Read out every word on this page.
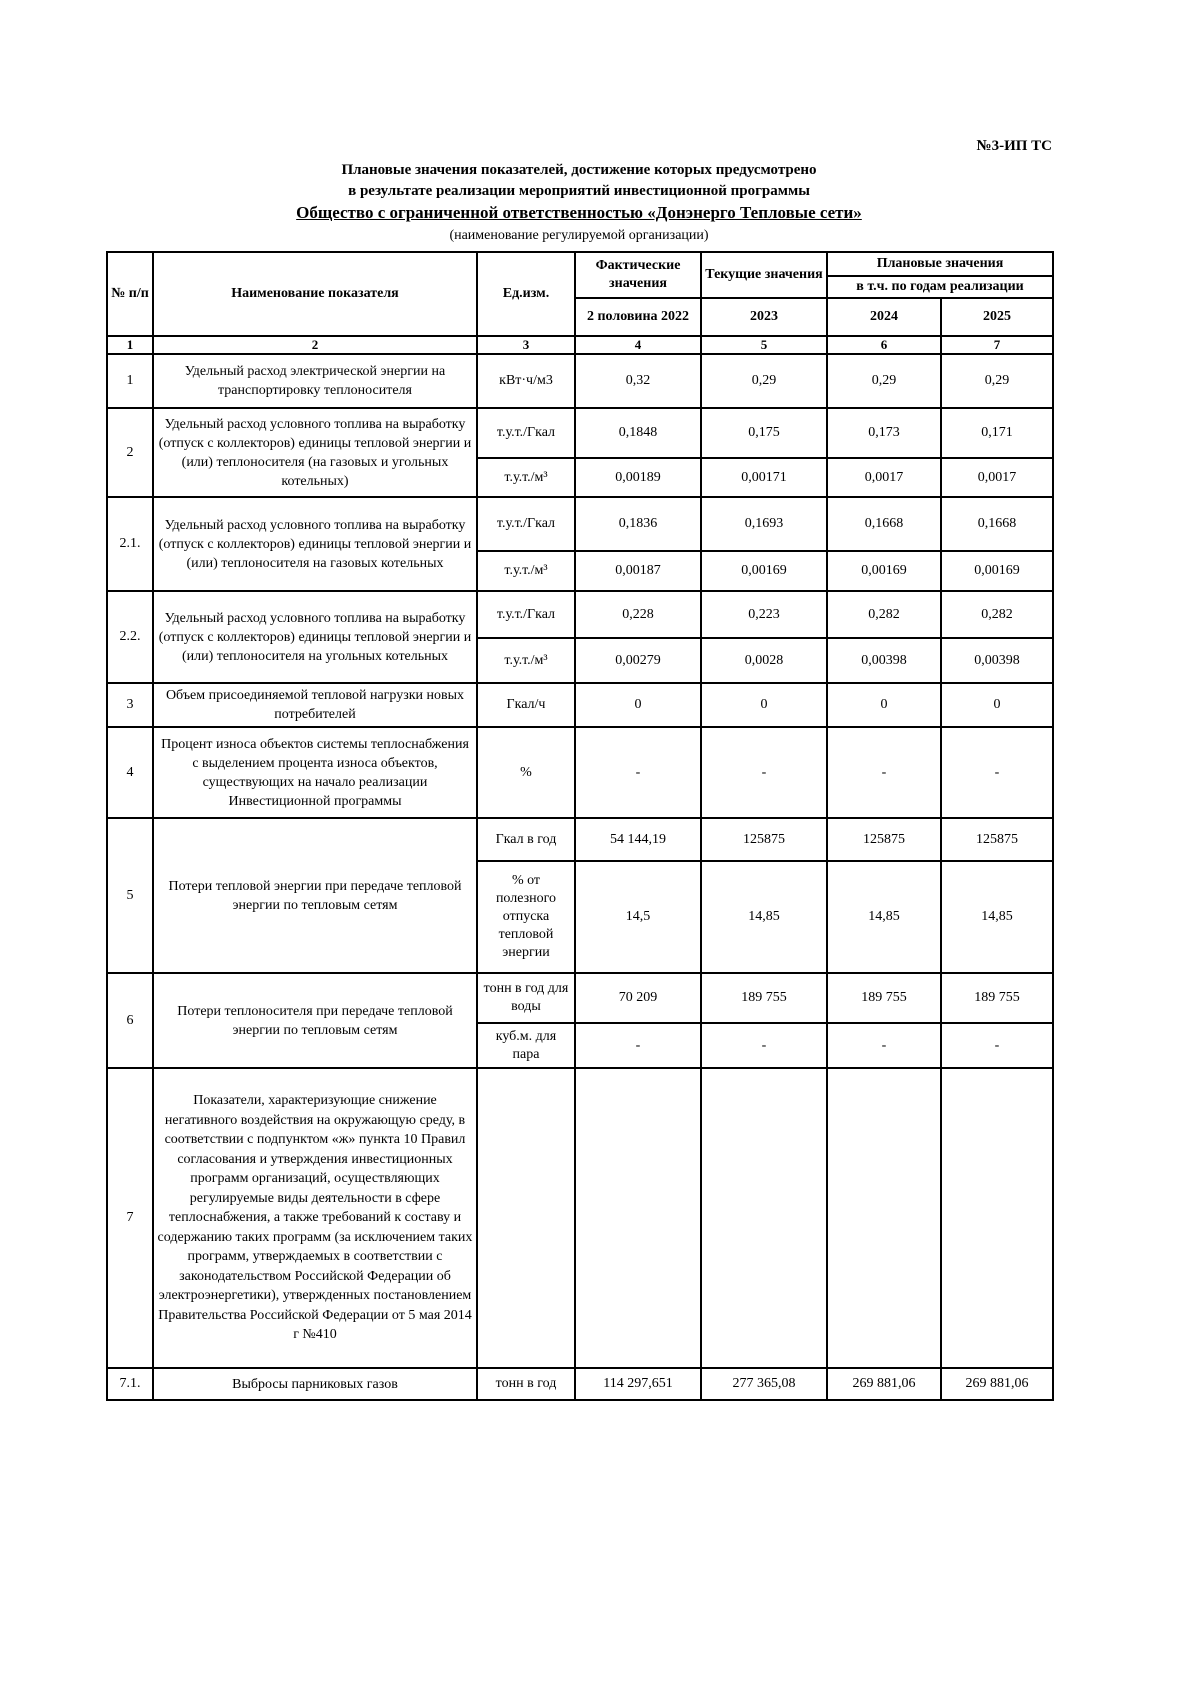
№3-ИП ТС
Плановые значения показателей, достижение которых предусмотрено
в результате реализации мероприятий инвестиционной программы
Общество с ограниченной ответственностью «Донэнерго Тепловые сети»
(наименование регулируемой организации)
№ п/п	Наименование показателя	Ед.изм.	Фактические значения	Текущие значения	Плановые значения	
					в т.ч. по годам реализации	
			2 половина 2022	2023	2024	2025
1	2	3	4	5	6	7
1	Удельный расход электрической энергии на транспортировку теплоносителя	кВт·ч/м3	0,32	0,29	0,29	0,29
2	Удельный расход условного топлива на выработку (отпуск с коллекторов) единицы тепловой энергии и (или) теплоносителя (на газовых и угольных котельных)	т.у.т./Гкал	0,1848	0,175	0,173	0,171
		т.у.т./м³	0,00189	0,00171	0,0017	0,0017
2.1.	Удельный расход условного топлива на выработку (отпуск с коллекторов) единицы тепловой энергии и (или) теплоносителя на газовых котельных	т.у.т./Гкал	0,1836	0,1693	0,1668	0,1668
		т.у.т./м³	0,00187	0,00169	0,00169	0,00169
2.2.	Удельный расход условного топлива на выработку (отпуск с коллекторов) единицы тепловой энергии и (или) теплоносителя на угольных котельных	т.у.т./Гкал	0,228	0,223	0,282	0,282
		т.у.т./м³	0,00279	0,0028	0,00398	0,00398
3	Объем присоединяемой тепловой нагрузки новых потребителей	Гкал/ч	0	0	0	0
4	Процент износа объектов системы теплоснабжения с выделением процента износа объектов, существующих на начало реализации Инвестиционной программы	%	-	-	-	-
5	Потери тепловой энергии при передаче тепловой энергии по тепловым сетям	Гкал в год	54 144,19	125875	125875	125875
		% от полезного отпуска тепловой энергии	14,5	14,85	14,85	14,85
6	Потери теплоносителя при передаче тепловой энергии по тепловым сетям	тонн в год для воды	70 209	189 755	189 755	189 755
		куб.м. для пара	-	-	-	-
7	Показатели, характеризующие снижение негативного воздействия на окружающую среду, в соответствии с подпунктом «ж» пункта 10 Правил согласования и утверждения инвестиционных программ организаций, осуществляющих регулируемые виды деятельности в сфере теплоснабжения, а также требований к составу и содержанию таких программ (за исключением таких программ, утверждаемых в соответствии с законодательством Российской Федерации об электроэнергетики), утвержденных постановлением Правительства Российской Федерации от 5 мая 2014 г №410					
7.1.	Выбросы парниковых газов	тонн в год	114 297,651	277 365,08	269 881,06	269 881,06
